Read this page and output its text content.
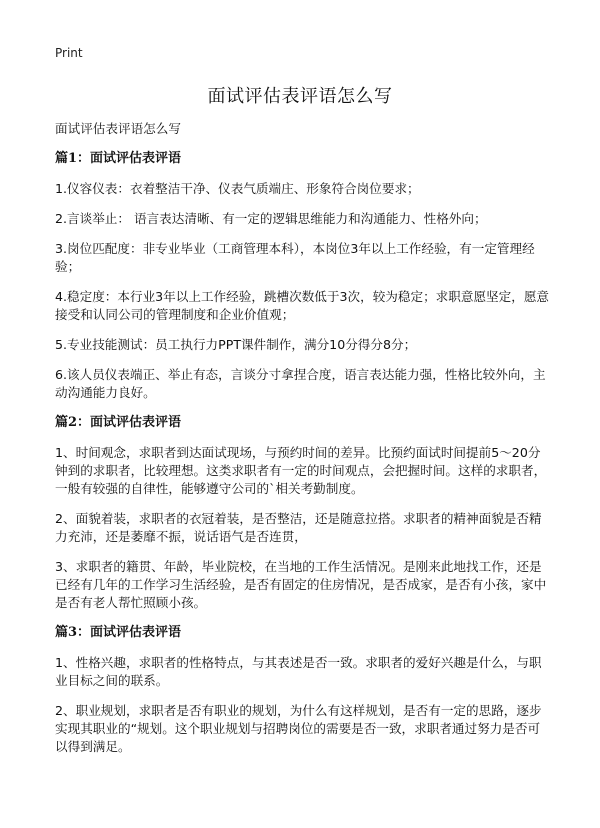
Print
面试评估表评语怎么写

面试评估表评语怎么写

篇1：面试评估表评语

1.仪容仪表：衣着整洁干净、仪表气质端庄、形象符合岗位要求；

2.言谈举止： 语言表达清晰、有一定的逻辑思维能力和沟通能力、性格外向；

3.岗位匹配度：非专业毕业（工商管理本科），本岗位3年以上工作经验，有一定管理经验；

4.稳定度：本行业3年以上工作经验，跳槽次数低于3次，较为稳定；求职意愿坚定，愿意接受和认同公司的管理制度和企业价值观；

5.专业技能测试：员工执行力PPT课件制作，满分10分得分8分；

6.该人员仪表端正、举止有态，言谈分寸拿捏合度，语言表达能力强，性格比较外向，主动沟通能力良好。

篇2：面试评估表评语

1、时间观念，求职者到达面试现场，与预约时间的差异。比预约面试时间提前5～20分钟到的求职者，比较理想。这类求职者有一定的时间观点，会把握时间。这样的求职者，一般有较强的自律性，能够遵守公司的`相关考勤制度。

2、面貌着装，求职者的衣冠着装，是否整洁，还是随意拉搭。求职者的精神面貌是否精力充沛，还是萎靡不振，说话语气是否连贯，

3、求职者的籍贯、年龄，毕业院校，在当地的工作生活情况。是刚来此地找工作，还是已经有几年的工作学习生活经验，是否有固定的住房情况，是否成家，是否有小孩，家中是否有老人帮忙照顾小孩。

篇3：面试评估表评语

1、性格兴趣，求职者的性格特点，与其表述是否一致。求职者的爱好兴趣是什么，与职业目标之间的联系。

2、职业规划，求职者是否有职业的规划，为什么有这样规划，是否有一定的思路，逐步实现其职业的“规划。这个职业规划与招聘岗位的需要是否一致，求职者通过努力是否可以得到满足。
